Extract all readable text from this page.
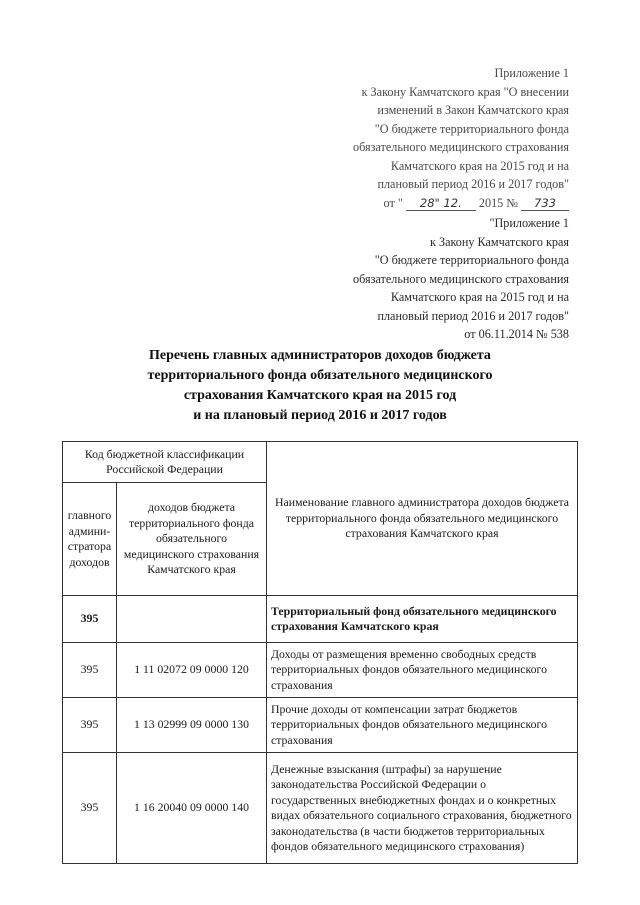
Приложение 1
к Закону Камчатского края "О внесении
изменений в Закон Камчатского края
"О бюджете территориального фонда
обязательного медицинского страхования
Камчатского края на 2015 год и на
плановый период 2016 и 2017 годов"
от " 28" 12. 2015 № 733
"Приложение 1
к Закону Камчатского края
"О бюджете территориального фонда
обязательного медицинского страхования
Камчатского края на 2015 год и на
плановый период 2016 и 2017 годов"
от 06.11.2014 № 538
Перечень главных администраторов доходов бюджета
территориального фонда обязательного медицинского
страхования Камчатского края на 2015 год
и на плановый период 2016 и 2017 годов
Код бюджетной классификации Российской Федерации		Наименование главного администратора доходов бюджета территориального фонда обязательного медицинского страхования Камчатского края
главного админи-стратора доходов	доходов бюджета территориального фонда обязательного медицинского страхования Камчатского края	
395		Территориальный фонд обязательного медицинского страхования Камчатского края
395	1 11 02072 09 0000 120	Доходы от размещения временно свободных средств территориальных фондов обязательного медицинского страхования
395	1 13 02999 09 0000 130	Прочие доходы от компенсации затрат бюджетов территориальных фондов обязательного медицинского страхования
395	1 16 20040 09 0000 140	Денежные взыскания (штрафы) за нарушение законодательства Российской Федерации о государственных внебюджетных фондах и о конкретных видах обязательного социального страхования, бюджетного законодательства (в части бюджетов территориальных фондов обязательного медицинского страхования)
